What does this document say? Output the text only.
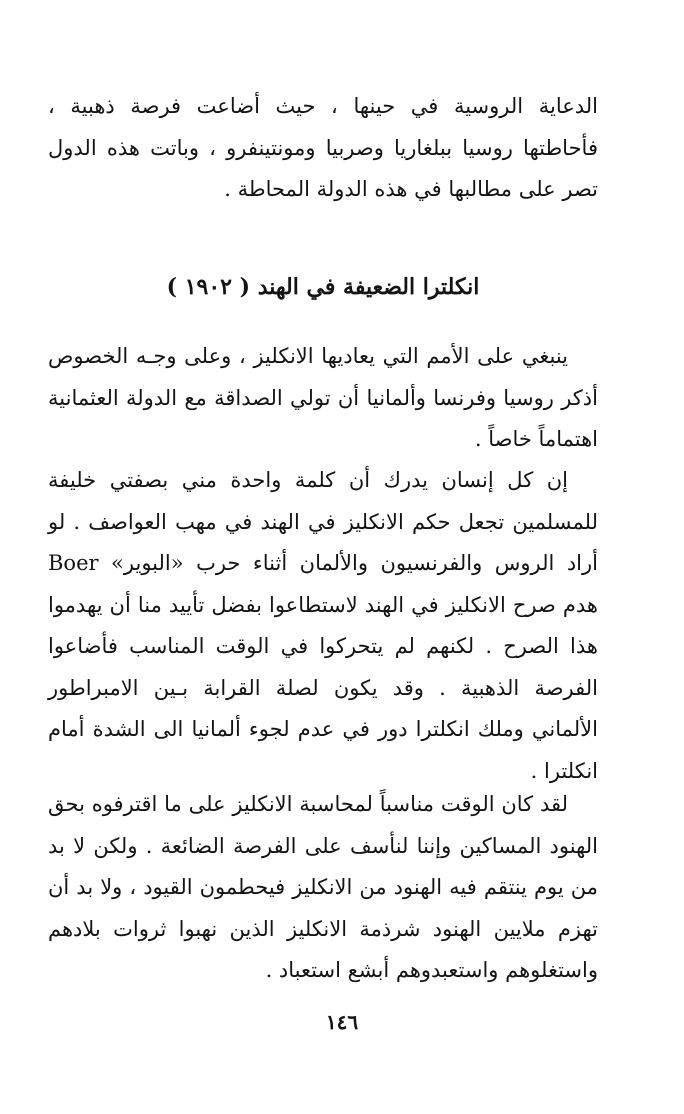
الدعاية الروسية في حينها ، حيث أضاعت فرصة ذهبية ، فأحاطتها روسيا ببلغاريا وصربيا ومونتينفرو ، وباتت هذه الدول تصر على مطالبها في هذه الدولة المحاطة .

انكلترا الضعيفة في الهند ( ١٩٠٢ )

ينبغي على الأمم التي يعاديها الانكليز ، وعلى وجـه الخصوص أذكر روسيا وفرنسا وألمانيا أن تولي الصداقة مع الدولة العثمانية اهتماماً خاصاً .

إن كل إنسان يدرك أن كلمة واحدة مني بصفتي خليفة للمسلمين تجعل حكم الانكليز في الهند في مهب العواصف . لو أراد الروس والفرنسيون والألمان أثناء حرب «البوير» Boer هدم صرح الانكليز في الهند لاستطاعوا بفضل تأييد منا أن يهدموا هذا الصرح . لكنهم لم يتحركوا في الوقت المناسب فأضاعوا الفرصة الذهبية . وقد يكون لصلة القرابة بـين الامبراطور الألماني وملك انكلترا دور في عدم لجوء ألمانيا الى الشدة أمام انكلترا .

لقد كان الوقت مناسباً لمحاسبة الانكليز على ما اقترفوه بحق الهنود المساكين وإننا لنأسف على الفرصة الضائعة . ولكن لا بد من يوم ينتقم فيه الهنود من الانكليز فيحطمون القيود ، ولا بد أن تهزم ملايين الهنود شرذمة الانكليز الذين نهبوا ثروات بلادهم واستغلوهم واستعبدوهم أبشع استعباد .

١٤٦
